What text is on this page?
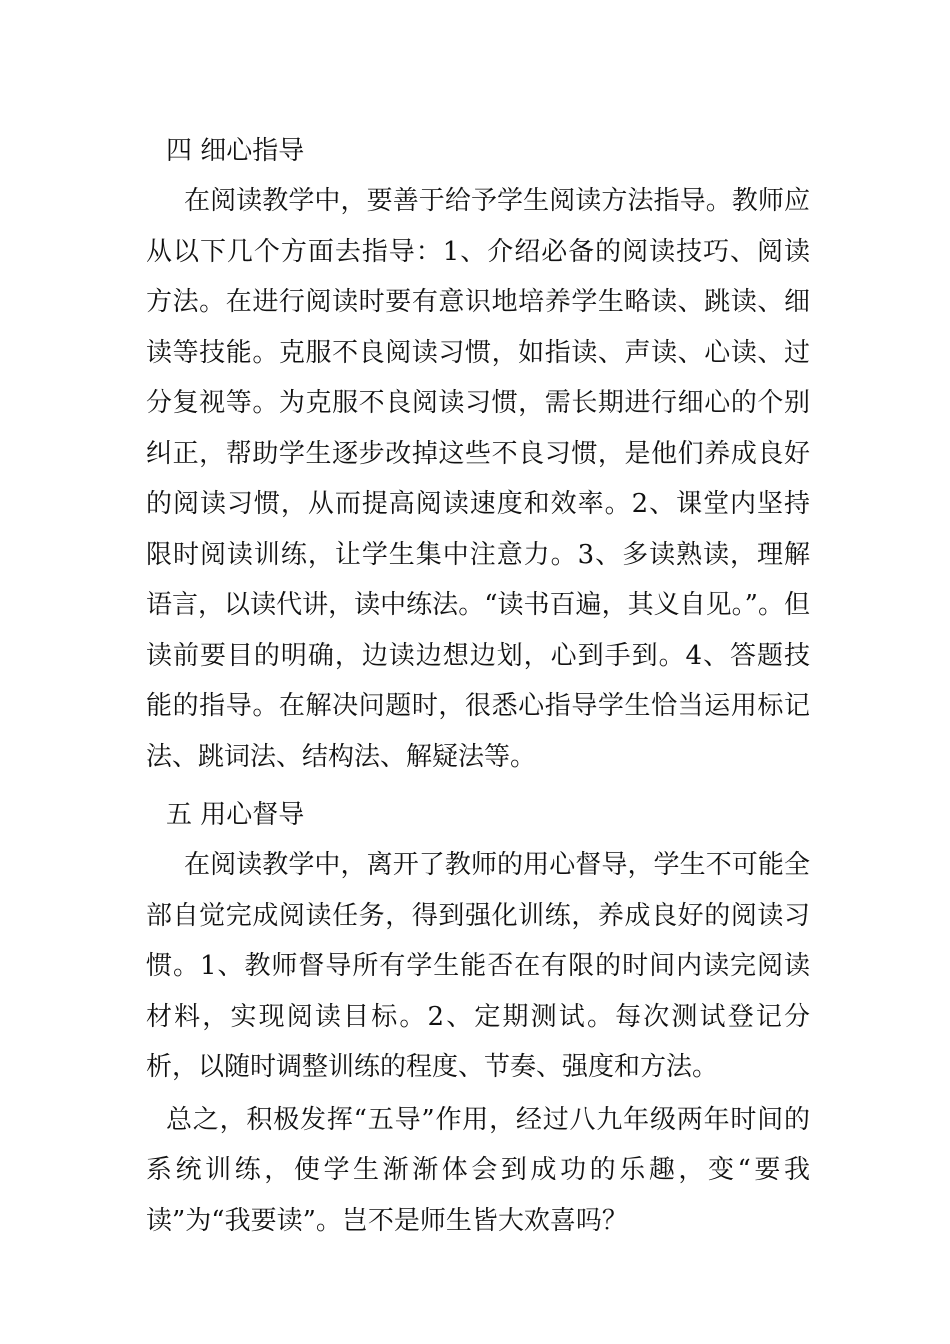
四 细心指导

在阅读教学中，要善于给予学生阅读方法指导。教师应从以下几个方面去指导：1、介绍必备的阅读技巧、阅读方法。在进行阅读时要有意识地培养学生略读、跳读、细读等技能。克服不良阅读习惯，如指读、声读、心读、过分复视等。为克服不良阅读习惯，需长期进行细心的个别纠正，帮助学生逐步改掉这些不良习惯，是他们养成良好的阅读习惯，从而提高阅读速度和效率。2、课堂内坚持限时阅读训练，让学生集中注意力。3、多读熟读，理解语言，以读代讲，读中练法。“读书百遍，其义自见。”。但读前要目的明确，边读边想边划，心到手到。4、答题技能的指导。在解决问题时，很悉心指导学生恰当运用标记法、跳词法、结构法、解疑法等。

五 用心督导

在阅读教学中，离开了教师的用心督导，学生不可能全部自觉完成阅读任务，得到强化训练，养成良好的阅读习惯。1、教师督导所有学生能否在有限的时间内读完阅读材料，实现阅读目标。2、定期测试。每次测试登记分析，以随时调整训练的程度、节奏、强度和方法。

总之，积极发挥“五导”作用，经过八九年级两年时间的系统训练，使学生渐渐体会到成功的乐趣，变“要我读”为“我要读”。岂不是师生皆大欢喜吗？
